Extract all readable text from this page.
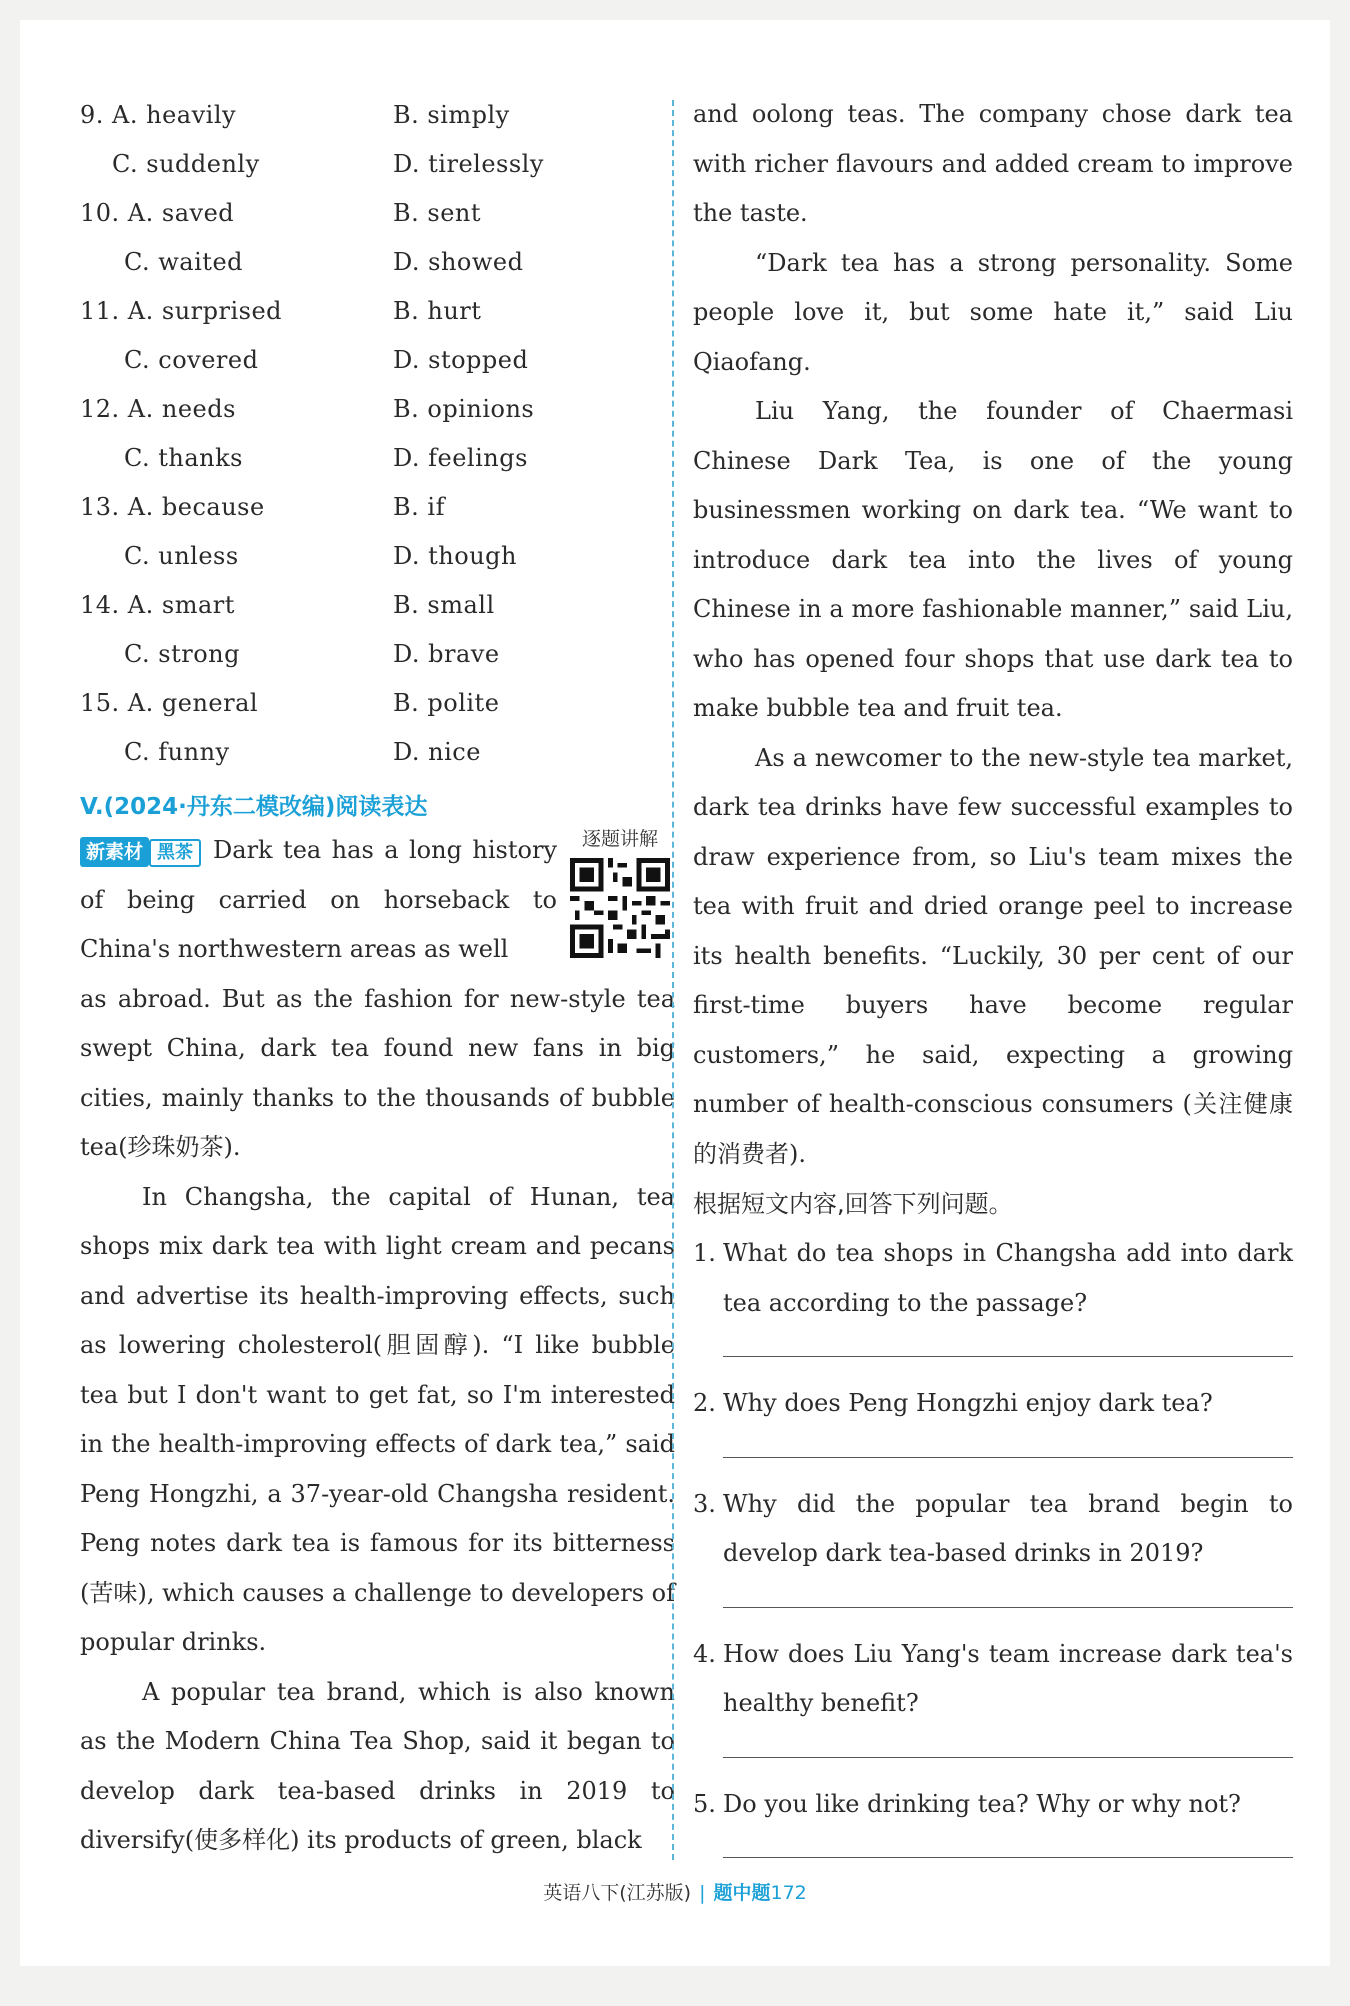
9. A. heavily	B. simply
C. suddenly	D. tirelessly
10. A. saved	B. sent
C. waited	D. showed
11. A. surprised	B. hurt
C. covered	D. stopped
12. A. needs	B. opinions
C. thanks	D. feelings
13. A. because	B. if
C. unless	D. though
14. A. smart	B. small
C. strong	D. brave
15. A. general	B. polite
C. funny	D. nice
V.(2024·丹东二模改编)阅读表达

新素材 黑茶 Dark tea has a long history of being carried on horseback to China's northwestern areas as well

逐题讲解

as abroad. But as the fashion for new-style tea swept China, dark tea found new fans in big cities, mainly thanks to the thousands of bubble tea(珍珠奶茶).

In Changsha, the capital of Hunan, tea shops mix dark tea with light cream and pecans and advertise its health-improving effects, such as lowering cholesterol(胆固醇). “I like bubble tea but I don't want to get fat, so I'm interested in the health-improving effects of dark tea,” said Peng Hongzhi, a 37-year-old Changsha resident. Peng notes dark tea is famous for its bitterness (苦味), which causes a challenge to developers of popular drinks.

A popular tea brand, which is also known as the Modern China Tea Shop, said it began to develop dark tea-based drinks in 2019 to diversify(使多样化) its products of green, black

and oolong teas. The company chose dark tea with richer flavours and added cream to improve the taste.

“Dark tea has a strong personality. Some people love it, but some hate it,” said Liu Qiaofang.

Liu Yang, the founder of Chaermasi Chinese Dark Tea, is one of the young businessmen working on dark tea. “We want to introduce dark tea into the lives of young Chinese in a more fashionable manner,” said Liu, who has opened four shops that use dark tea to make bubble tea and fruit tea.

As a newcomer to the new-style tea market, dark tea drinks have few successful examples to draw experience from, so Liu's team mixes the tea with fruit and dried orange peel to increase its health benefits. “Luckily, 30 per cent of our first-time buyers have become regular customers,” he said, expecting a growing number of health-conscious consumers (关注健康的消费者).

根据短文内容,回答下列问题。
1. What do tea shops in Changsha add into dark tea according to the passage?
2. Why does Peng Hongzhi enjoy dark tea?
3. Why did the popular tea brand begin to develop dark tea-based drinks in 2019?
4. How does Liu Yang's team increase dark tea's healthy benefit?
5. Do you like drinking tea? Why or why not?
英语八下(江苏版) | 题中题172
